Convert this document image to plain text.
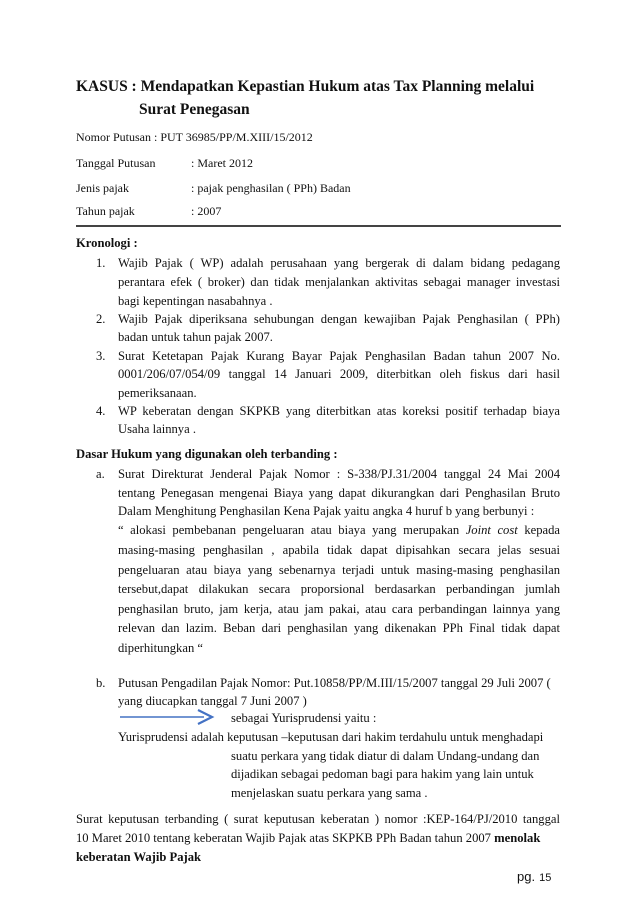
KASUS : Mendapatkan Kepastian Hukum atas Tax Planning melalui
Surat Penegasan
Nomor Putusan : PUT 36985/PP/M.XIII/15/2012
Tanggal Putusan	: Maret 2012
Jenis pajak	: pajak penghasilan ( PPh) Badan
Tahun pajak	: 2007
Kronologi :
1. Wajib Pajak ( WP) adalah perusahaan yang bergerak di dalam bidang pedagang
perantara efek ( broker) dan tidak menjalankan aktivitas sebagai manager investasi
bagi kepentingan nasabahnya .
2. Wajib Pajak diperiksana sehubungan dengan kewajiban Pajak Penghasilan ( PPh)
badan untuk tahun pajak 2007.
3. Surat Ketetapan Pajak Kurang Bayar Pajak Penghasilan Badan tahun 2007 No.
0001/206/07/054/09 tanggal 14 Januari 2009, diterbitkan oleh fiskus dari hasil
pemeriksanaan.
4. WP keberatan dengan SKPKB yang diterbitkan atas koreksi positif terhadap biaya
Usaha lainnya .
Dasar Hukum yang digunakan oleh terbanding :
a. Surat Direkturat Jenderal Pajak Nomor : S-338/PJ.31/2004 tanggal 24 Mai 2004
tentang Penegasan mengenai Biaya yang dapat dikurangkan dari Penghasilan Bruto
Dalam Menghitung Penghasilan Kena Pajak yaitu angka 4 huruf b yang berbunyi :
“ alokasi pembebanan pengeluaran atau biaya yang merupakan Joint cost kepada
masing-masing penghasilan , apabila tidak dapat dipisahkan secara jelas sesuai
pengeluaran atau biaya yang sebenarnya terjadi untuk masing-masing penghasilan
tersebut,dapat dilakukan secara proporsional berdasarkan perbandingan jumlah
penghasilan bruto, jam kerja, atau jam pakai, atau cara perbandingan lainnya yang
relevan dan lazim. Beban dari penghasilan yang dikenakan PPh Final tidak dapat
diperhitungkan “
b. Putusan Pengadilan Pajak Nomor: Put.10858/PP/M.III/15/2007 tanggal 29 Juli 2007 (
yang diucapkan tanggal 7 Juni 2007 )
sebagai Yurisprudensi yaitu :
Yurisprudensi adalah keputusan –keputusan dari hakim terdahulu untuk menghadapi
suatu perkara yang tidak diatur di dalam Undang-undang dan
dijadikan sebagai pedoman bagi para hakim yang lain untuk
menjelaskan suatu perkara yang sama .
Surat keputusan terbanding ( surat keputusan keberatan ) nomor :KEP-164/PJ/2010 tanggal
10 Maret 2010 tentang keberatan Wajib Pajak atas SKPKB PPh Badan tahun 2007 menolak
keberatan Wajib Pajak
pg. 15
